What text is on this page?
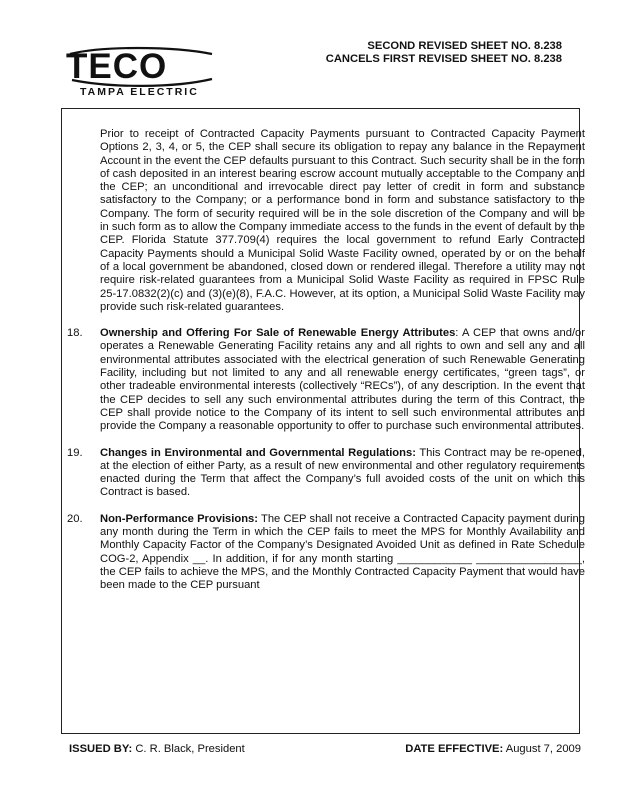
TECO
TAMPA ELECTRIC
SECOND REVISED SHEET NO. 8.238
CANCELS FIRST REVISED SHEET NO. 8.238

Prior to receipt of Contracted Capacity Payments pursuant to Contracted Capacity Payment Options 2, 3, 4, or 5, the CEP shall secure its obligation to repay any balance in the Repayment Account in the event the CEP defaults pursuant to this Contract. Such security shall be in the form of cash deposited in an interest bearing escrow account mutually acceptable to the Company and the CEP; an unconditional and irrevocable direct pay letter of credit in form and substance satisfactory to the Company; or a performance bond in form and substance satisfactory to the Company. The form of security required will be in the sole discretion of the Company and will be in such form as to allow the Company immediate access to the funds in the event of default by the CEP. Florida Statute 377.709(4) requires the local government to refund Early Contracted Capacity Payments should a Municipal Solid Waste Facility owned, operated by or on the behalf of a local government be abandoned, closed down or rendered illegal. Therefore a utility may not require risk-related guarantees from a Municipal Solid Waste Facility as required in FPSC Rule 25-17.0832(2)(c) and (3)(e)(8), F.A.C. However, at its option, a Municipal Solid Waste Facility may provide such risk-related guarantees.

18. Ownership and Offering For Sale of Renewable Energy Attributes: A CEP that owns and/or operates a Renewable Generating Facility retains any and all rights to own and sell any and all environmental attributes associated with the electrical generation of such Renewable Generating Facility, including but not limited to any and all renewable energy certificates, “green tags”, or other tradeable environmental interests (collectively “RECs”), of any description. In the event that the CEP decides to sell any such environmental attributes during the term of this Contract, the CEP shall provide notice to the Company of its intent to sell such environmental attributes and provide the Company a reasonable opportunity to offer to purchase such environmental attributes.

19. Changes in Environmental and Governmental Regulations: This Contract may be re-opened, at the election of either Party, as a result of new environmental and other regulatory requirements enacted during the Term that affect the Company’s full avoided costs of the unit on which this Contract is based.

20. Non-Performance Provisions: The CEP shall not receive a Contracted Capacity payment during any month during the Term in which the CEP fails to meet the MPS for Monthly Availability and Monthly Capacity Factor of the Company’s Designated Avoided Unit as defined in Rate Schedule COG-2, Appendix __. In addition, if for any month starting ____________ _________________, the CEP fails to achieve the MPS, and the Monthly Contracted Capacity Payment that would have been made to the CEP pursuant

ISSUED BY: C. R. Black, President	DATE EFFECTIVE: August 7, 2009
